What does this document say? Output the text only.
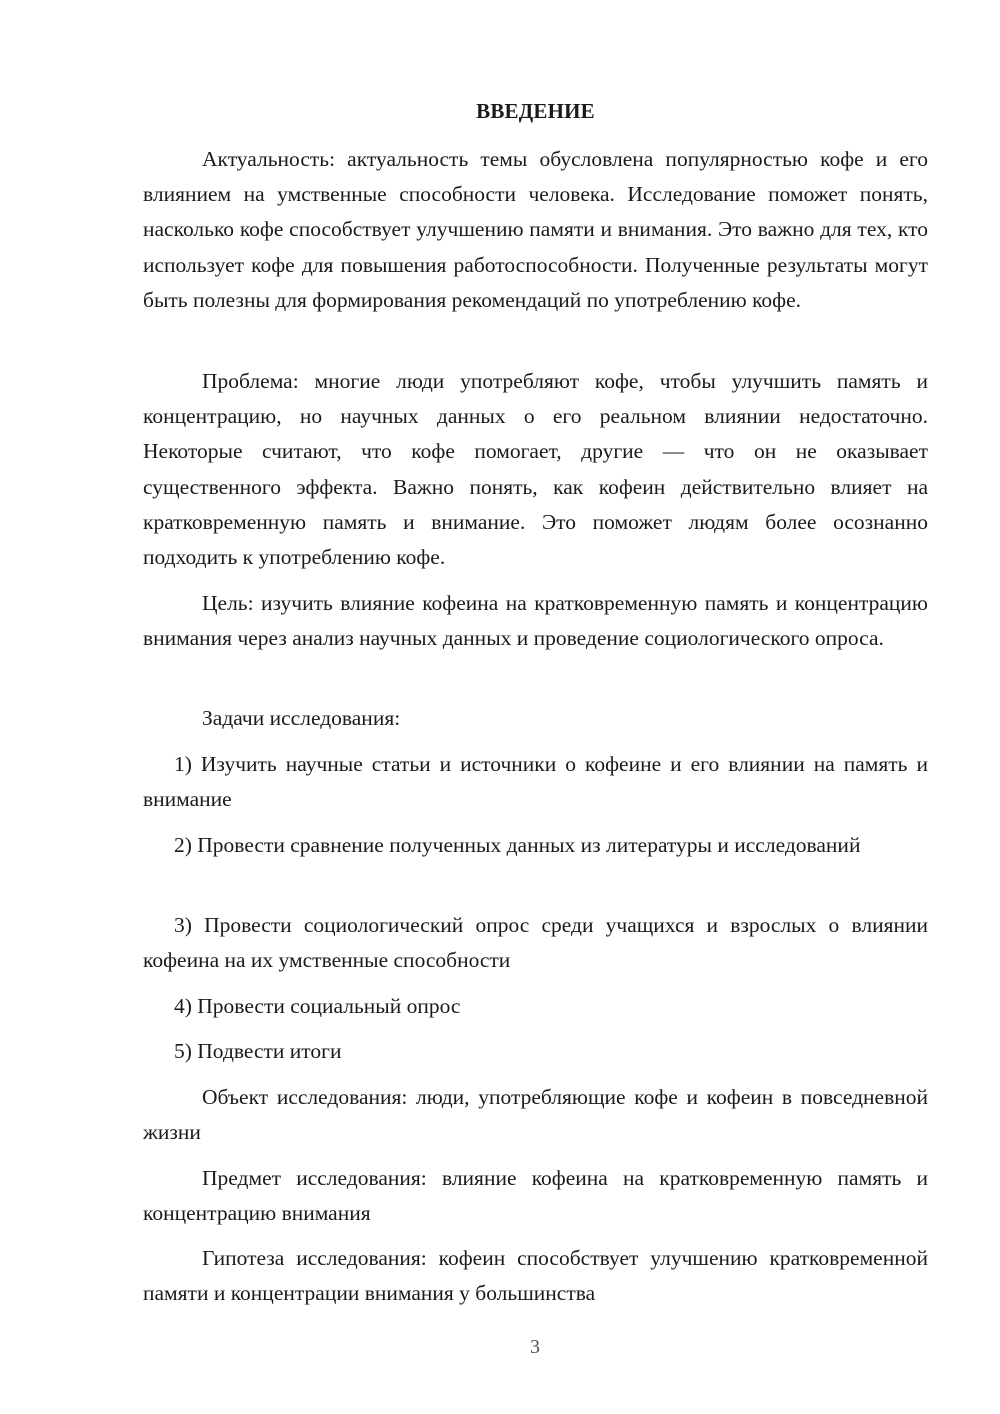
ВВЕДЕНИЕ

Актуальность: актуальность темы обусловлена популярностью кофе и его влиянием на умственные способности человека. Исследование поможет понять, насколько кофе способствует улучшению памяти и внимания. Это важно для тех, кто использует кофе для повышения работоспособности. Полученные результаты могут быть полезны для формирования рекомендаций по употреблению кофе.

Проблема: многие люди употребляют кофе, чтобы улучшить память и концентрацию, но научных данных о его реальном влиянии недостаточно. Некоторые считают, что кофе помогает, другие — что он не оказывает существенного эффекта. Важно понять, как кофеин действительно влияет на кратковременную память и внимание. Это поможет людям более осознанно подходить к употреблению кофе.

Цель: изучить влияние кофеина на кратковременную память и концентрацию внимания через анализ научных данных и проведение социологического опроса.

Задачи исследования:

1) Изучить научные статьи и источники о кофеине и его влиянии на память и внимание

2) Провести сравнение полученных данных из литературы и исследований

3) Провести социологический опрос среди учащихся и взрослых о влиянии кофеина на их умственные способности

4) Провести социальный опрос

5) Подвести итоги

Объект исследования: люди, употребляющие кофе и кофеин в повседневной жизни

Предмет исследования: влияние кофеина на кратковременную память и концентрацию внимания

Гипотеза исследования: кофеин способствует улучшению кратковременной памяти и концентрации внимания у большинства

3
